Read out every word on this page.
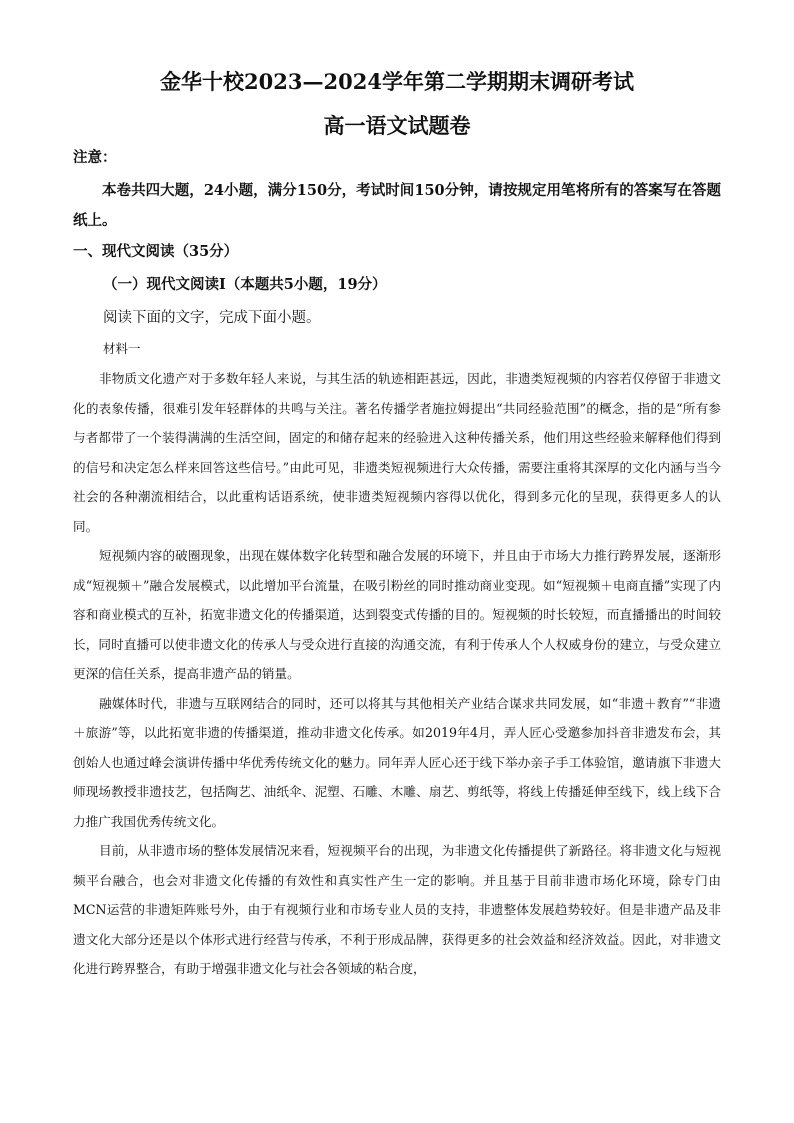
金华十校2023—2024学年第二学期期末调研考试
高一语文试题卷
注意：
本卷共四大题，24小题，满分150分，考试时间150分钟，请按规定用笔将所有的答案写在答题纸上。
一、现代文阅读（35分）
（一）现代文阅读Ⅰ（本题共5小题，19分）
阅读下面的文字，完成下面小题。
材料一

非物质文化遗产对于多数年轻人来说，与其生活的轨迹相距甚远，因此，非遗类短视频的内容若仅停留于非遗文化的表象传播，很难引发年轻群体的共鸣与关注。著名传播学者施拉姆提出“共同经验范围”的概念，指的是“所有参与者都带了一个装得满满的生活空间，固定的和储存起来的经验进入这种传播关系，他们用这些经验来解释他们得到的信号和决定怎么样来回答这些信号。”由此可见，非遗类短视频进行大众传播，需要注重将其深厚的文化内涵与当今社会的各种潮流相结合，以此重构话语系统，使非遗类短视频内容得以优化，得到多元化的呈现，获得更多人的认同。

短视频内容的破圈现象，出现在媒体数字化转型和融合发展的环境下，并且由于市场大力推行跨界发展，逐渐形成“短视频＋”融合发展模式，以此增加平台流量，在吸引粉丝的同时推动商业变现。如“短视频＋电商直播”实现了内容和商业模式的互补，拓宽非遗文化的传播渠道，达到裂变式传播的目的。短视频的时长较短，而直播播出的时间较长，同时直播可以使非遗文化的传承人与受众进行直接的沟通交流，有利于传承人个人权威身份的建立，与受众建立更深的信任关系，提高非遗产品的销量。

融媒体时代，非遗与互联网结合的同时，还可以将其与其他相关产业结合谋求共同发展，如“非遗＋教育”“非遗＋旅游”等，以此拓宽非遗的传播渠道，推动非遗文化传承。如2019年4月，弄人匠心受邀参加抖音非遗发布会，其创始人也通过峰会演讲传播中华优秀传统文化的魅力。同年弄人匠心还于线下举办亲子手工体验馆，邀请旗下非遗大师现场教授非遗技艺，包括陶艺、油纸伞、泥塑、石雕、木雕、扇艺、剪纸等，将线上传播延伸至线下，线上线下合力推广我国优秀传统文化。

目前，从非遗市场的整体发展情况来看，短视频平台的出现，为非遗文化传播提供了新路径。将非遗文化与短视频平台融合，也会对非遗文化传播的有效性和真实性产生一定的影响。并且基于目前非遗市场化环境，除专门由MCN运营的非遗矩阵账号外，由于有视频行业和市场专业人员的支持，非遗整体发展趋势较好。但是非遗产品及非遗文化大部分还是以个体形式进行经营与传承，不利于形成品牌，获得更多的社会效益和经济效益。因此，对非遗文化进行跨界整合，有助于增强非遗文化与社会各领域的粘合度，
